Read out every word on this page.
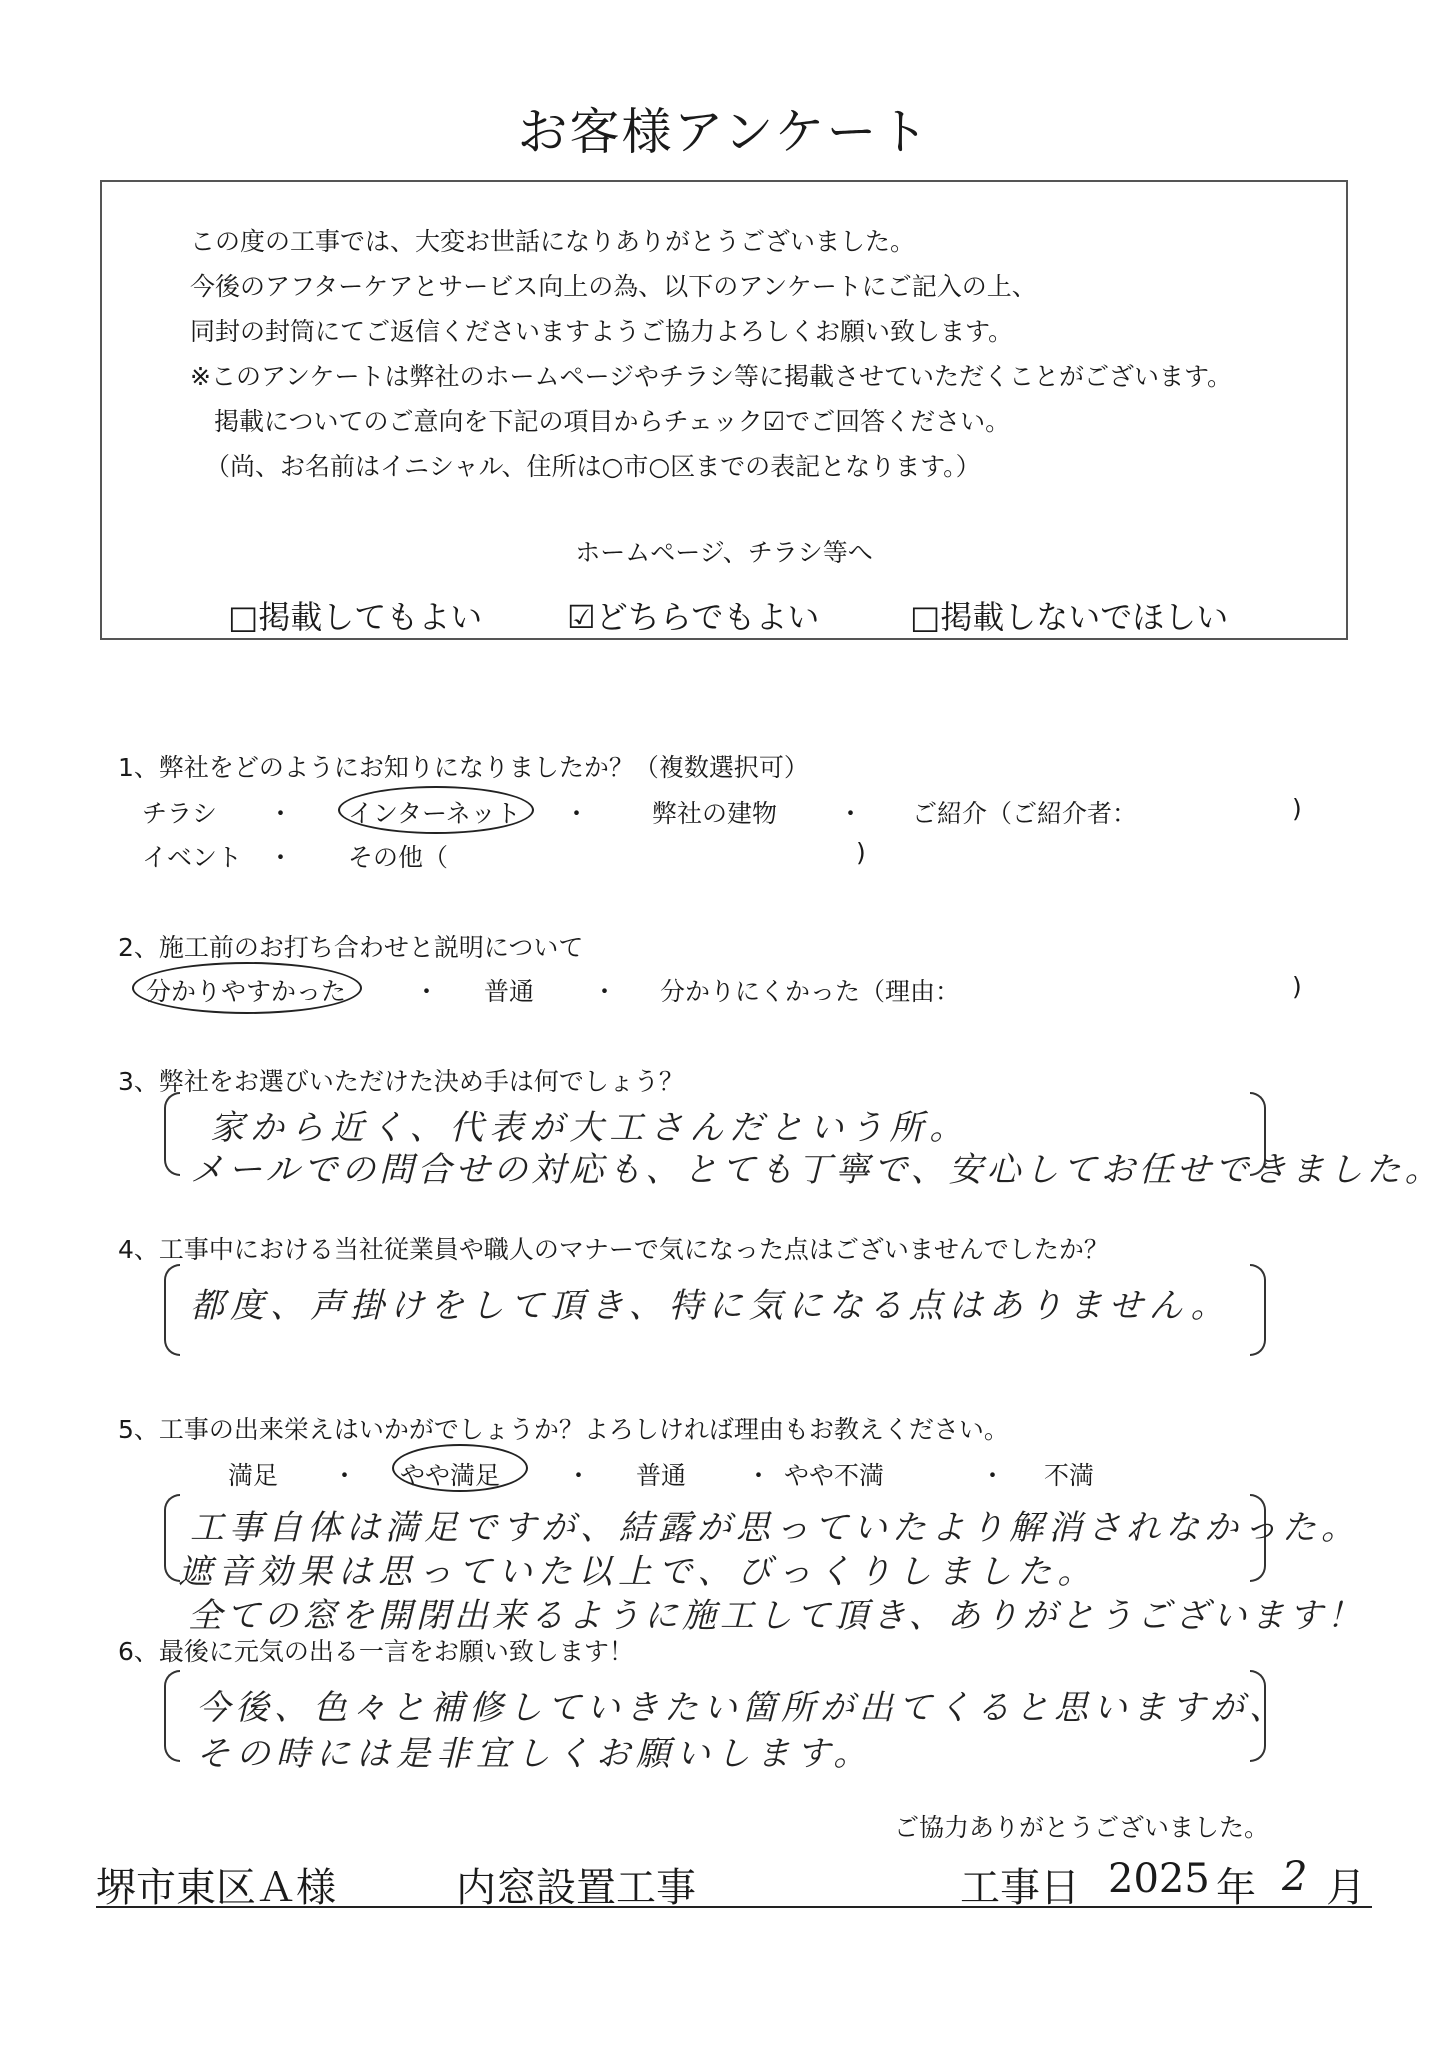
お客様アンケート
この度の工事では、大変お世話になりありがとうございました。
今後のアフターケアとサービス向上の為、以下のアンケートにご記入の上、
同封の封筒にてご返信くださいますようご協力よろしくお願い致します。
※このアンケートは弊社のホームページやチラシ等に掲載させていただくことがございます。
掲載についてのご意向を下記の項目からチェック☑でご回答ください。
（尚、お名前はイニシャル、住所は○市○区までの表記となります。）
ホームページ、チラシ等へ
□掲載してもよい	☑どちらでもよい	□掲載しないでほしい
1、弊社をどのようにお知りになりましたか？（複数選択可）
チラシ ・ インターネット ・	弊社の建物 ・ ご紹介（ご紹介者：	)
イベント ・ その他（	)
2、施工前のお打ち合わせと説明について
分かりやすかった	・ 普通 ・ 分かりにくかった（理由：	)
3、弊社をお選びいただけた決め手は何でしょう？
家から近く、代表が大工さんだという所。
メールでの問合せの対応も、とても丁寧で、安心してお任せできました。
4、工事中における当社従業員や職人のマナーで気になった点はございませんでしたか？
都度、声掛けをして頂き、特に気になる点はありません。
5、工事の出来栄えはいかがでしょうか？よろしければ理由もお教えください。
満足 ・ やや満足	・ 普通 ・ やや不満	・ 不満
工事自体は満足ですが、結露が思っていたより解消されなかった。
遮音効果は思っていた以上で、びっくりしました。
全ての窓を開閉出来るように施工して頂き、ありがとうございます！
6、最後に元気の出る一言をお願い致します！
今後、色々と補修していきたい箇所が出てくると思いますが、
その時には是非宜しくお願いします。
ご協力ありがとうございました。
堺市東区Ａ様	内窓設置工事	工事日 2025 年 2 月
